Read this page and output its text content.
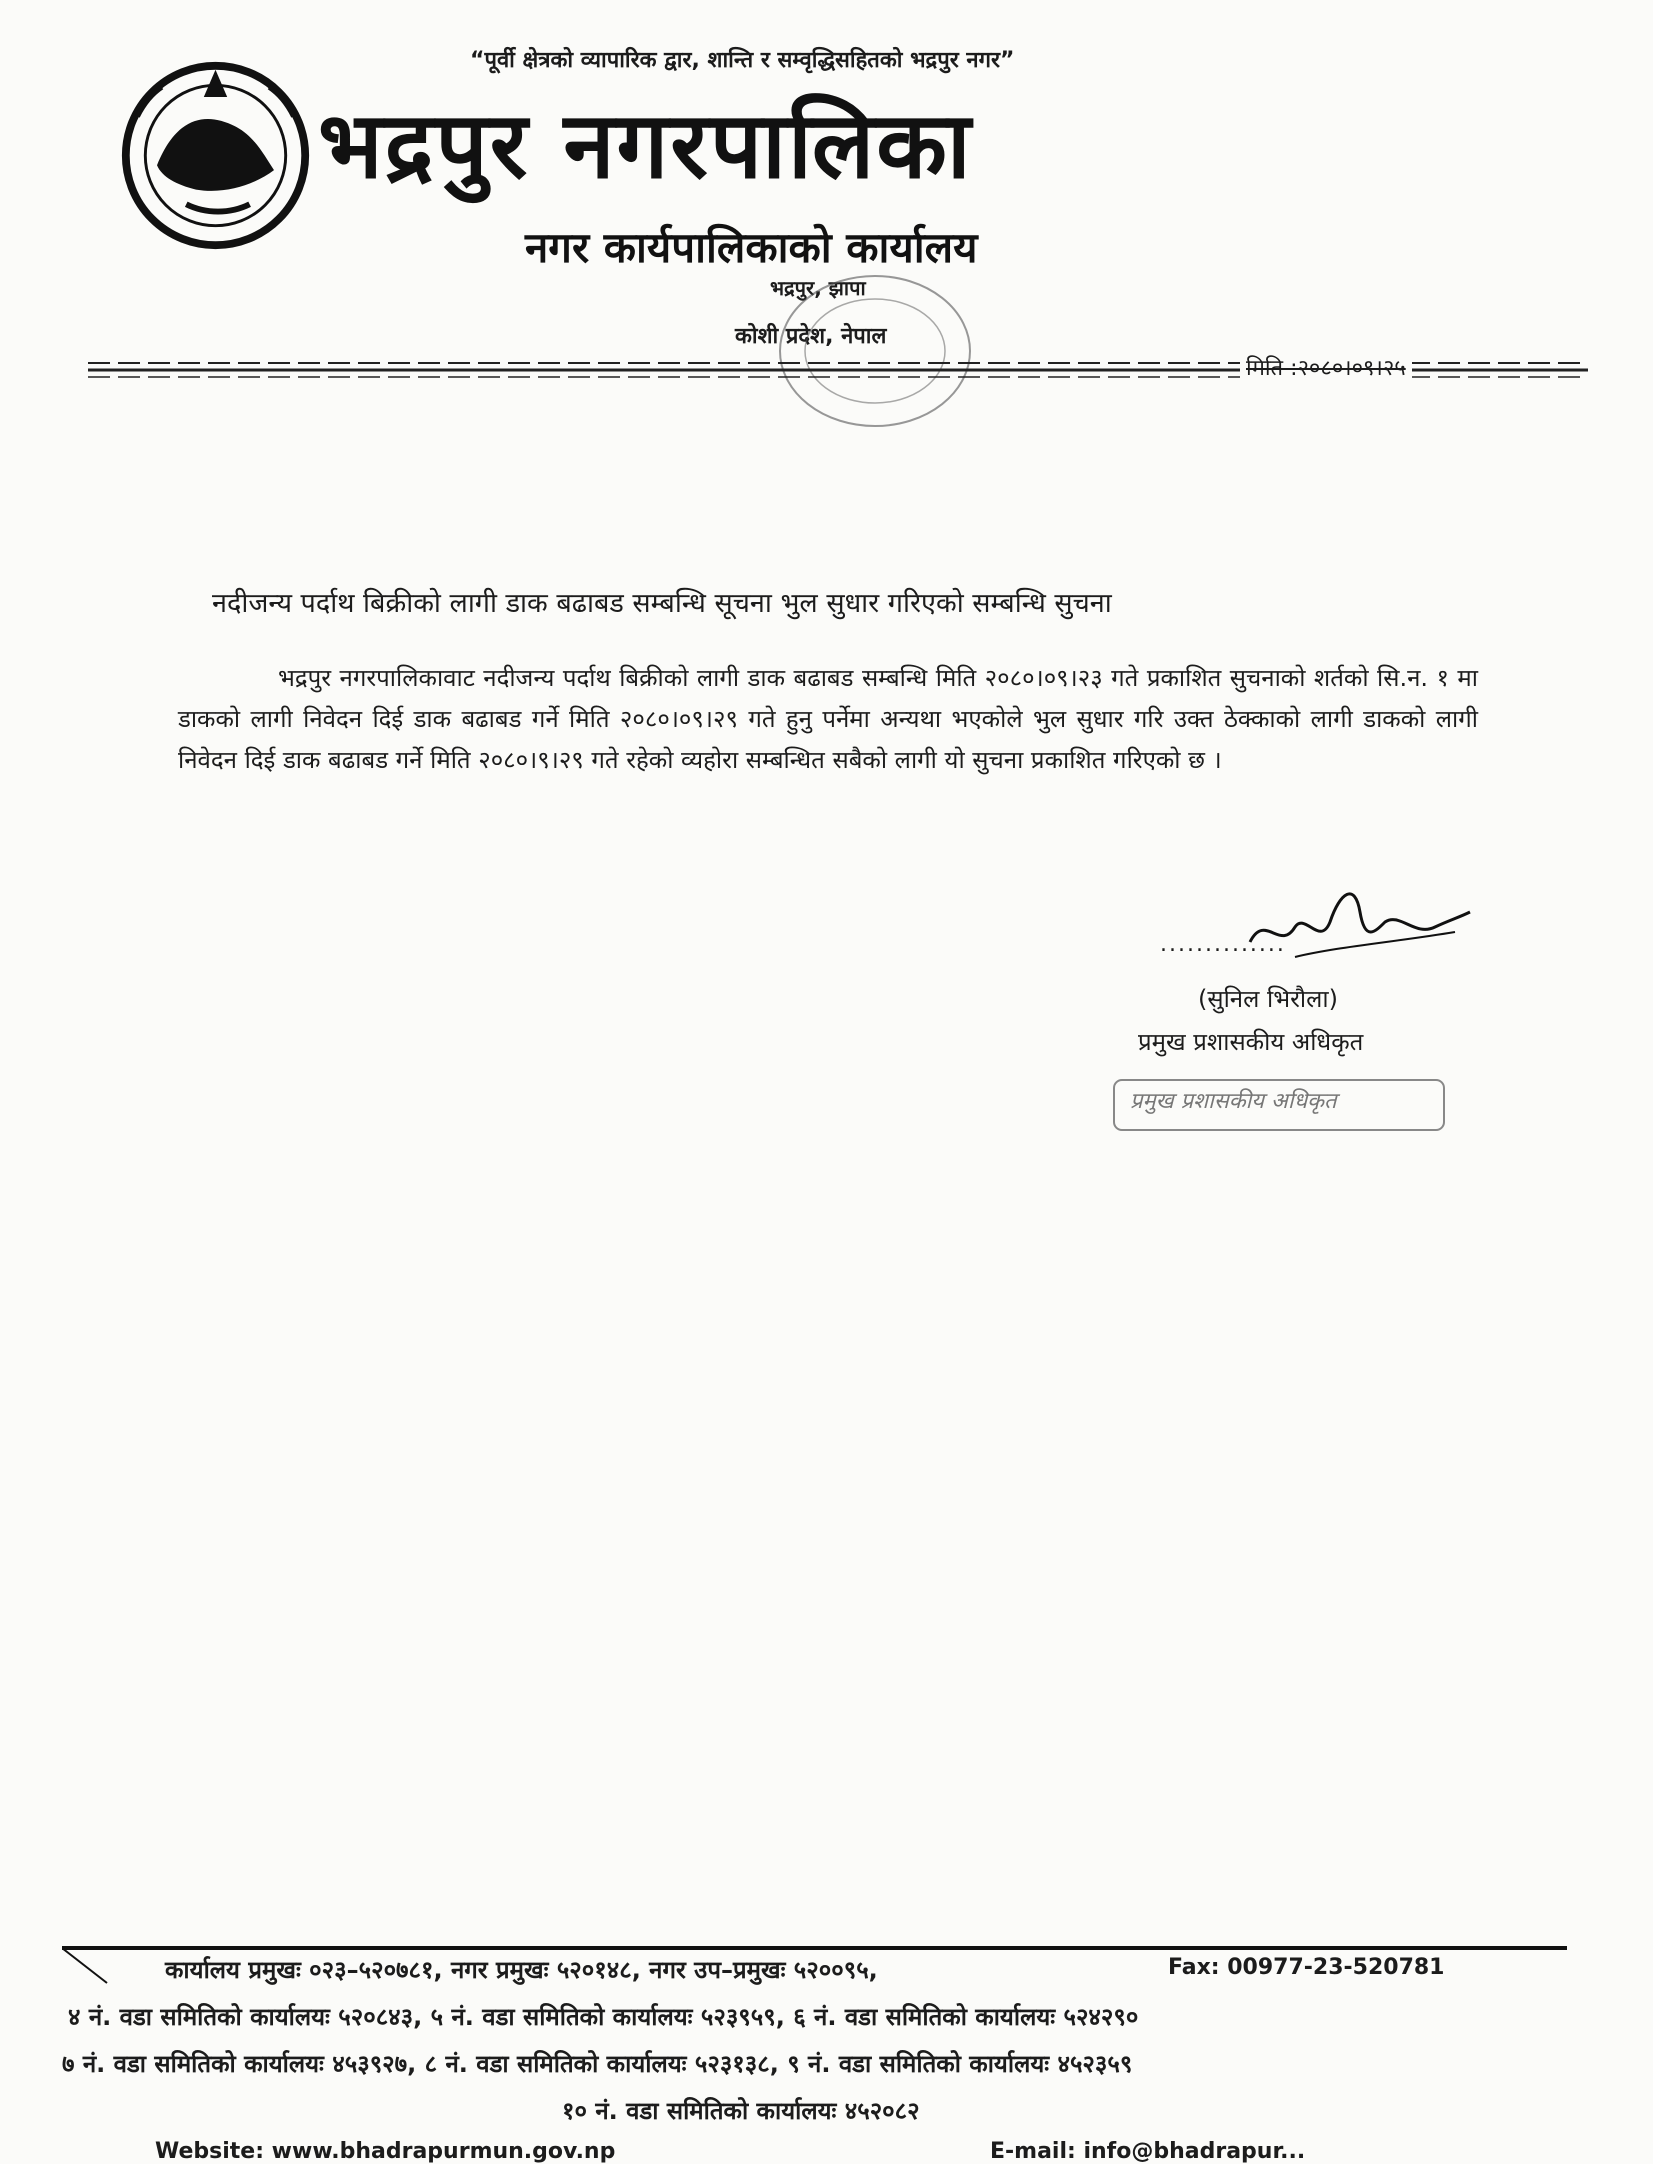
“पूर्वी क्षेत्रको व्यापारिक द्वार, शान्ति र सम्वृद्धिसहितको भद्रपुर नगर”
भद्रपुर नगरपालिका
नगर कार्यपालिकाको कार्यालय
भद्रपुर, झापा
कोशी प्रदेश, नेपाल
मिति :२०८०।०९।२५
नदीजन्य पर्दाथ बिक्रीको लागी डाक बढाबड सम्बन्धि सूचना भुल सुधार गरिएको सम्बन्धि सुचना
भद्रपुर नगरपालिकावाट नदीजन्य पर्दाथ बिक्रीको लागी डाक बढाबड सम्बन्धि मिति २०८०।०९।२३ गते प्रकाशित सुचनाको शर्तको सि.न. १ मा डाकको लागी निवेदन दिई डाक बढाबड गर्ने मिति २०८०।०९।२९ गते हुनु पर्नेमा अन्यथा भएकोले भुल सुधार गरि उक्त ठेक्काको लागी डाकको लागी निवेदन दिई डाक बढाबड गर्ने मिति २०८०।९।२९ गते रहेको व्यहोरा सम्बन्धित सबैको लागी यो सुचना प्रकाशित गरिएको छ ।
..............
(सुनिल भिरौला)
प्रमुख प्रशासकीय अधिकृत
प्रमुख प्रशासकीय अधिकृत
कार्यालय प्रमुखः ०२३–५२०७८१, नगर प्रमुखः ५२०१४८, नगर उप–प्रमुखः ५२००९५,	Fax: 00977-23-520781
४ नं. वडा समितिको कार्यालयः ५२०८४३, ५ नं. वडा समितिको कार्यालयः ५२३९५९, ६ नं. वडा समितिको कार्यालयः ५२४२९०
७ नं. वडा समितिको कार्यालयः ४५३९२७, ८ नं. वडा समितिको कार्यालयः ५२३१३८, ९ नं. वडा समितिको कार्यालयः ४५२३५९
१० नं. वडा समितिको कार्यालयः ४५२०८२
Website: www.bhadrapurmun.gov.np	E-mail: info@bhadrapur...
